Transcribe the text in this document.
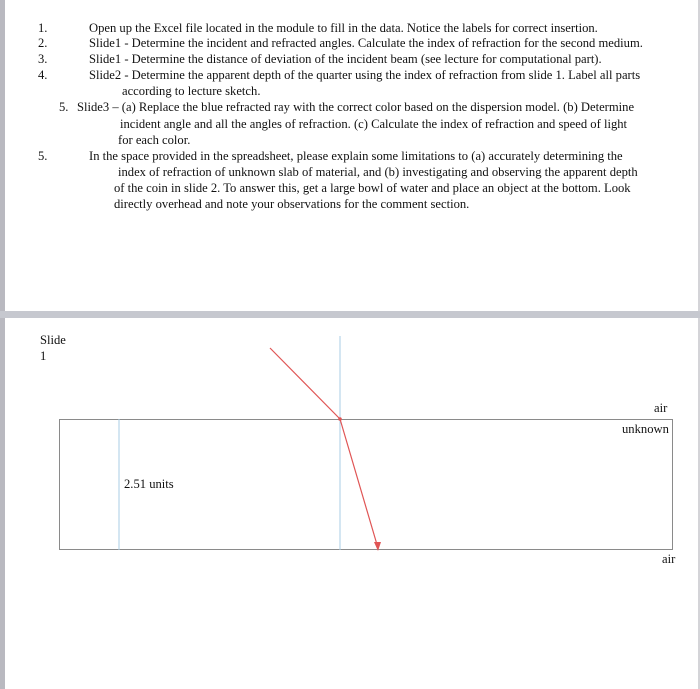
1.	Open up the Excel file located in the module to fill in the data. Notice the labels for correct insertion.
2.	Slide1 - Determine the incident and refracted angles. Calculate the index of refraction for the second medium.
3.	Slide1 - Determine the distance of deviation of the incident beam (see lecture for computational part).
4.	Slide2 - Determine the apparent depth of the quarter using the index of refraction from slide 1. Label all parts
according to lecture sketch.
5. Slide3 – (a) Replace the blue refracted ray with the correct color based on the dispersion model. (b) Determine
incident angle and all the angles of refraction. (c) Calculate the index of refraction and speed of light
for each color.
5.	In the space provided in the spreadsheet, please explain some limitations to (a) accurately determining the
index of refraction of unknown slab of material, and (b) investigating and observing the apparent depth
of the coin in slide 2. To answer this, get a large bowl of water and place an object at the bottom. Look
directly overhead and note your observations for the comment section.
Slide
1
air
unknown
2.51 units
air
